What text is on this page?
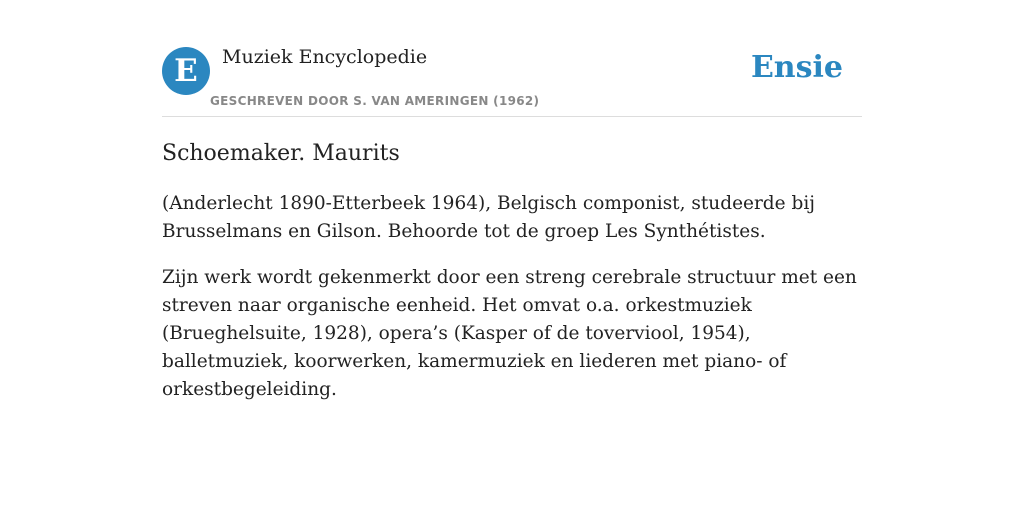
E	Muziek Encyclopedie
GESCHREVEN DOOR S. VAN AMERINGEN (1962)
Ensie
Schoemaker. Maurits

(Anderlecht 1890-Etterbeek 1964), Belgisch componist, studeerde bij Brusselmans en Gilson. Behoorde tot de groep Les Synthétistes.

Zijn werk wordt gekenmerkt door een streng cerebrale structuur met een streven naar organische eenheid. Het omvat o.a. orkestmuziek (Brueghelsuite, 1928), opera’s (Kasper of de toverviool, 1954), balletmuziek, koorwerken, kamermuziek en liederen met piano- of orkestbegeleiding.
